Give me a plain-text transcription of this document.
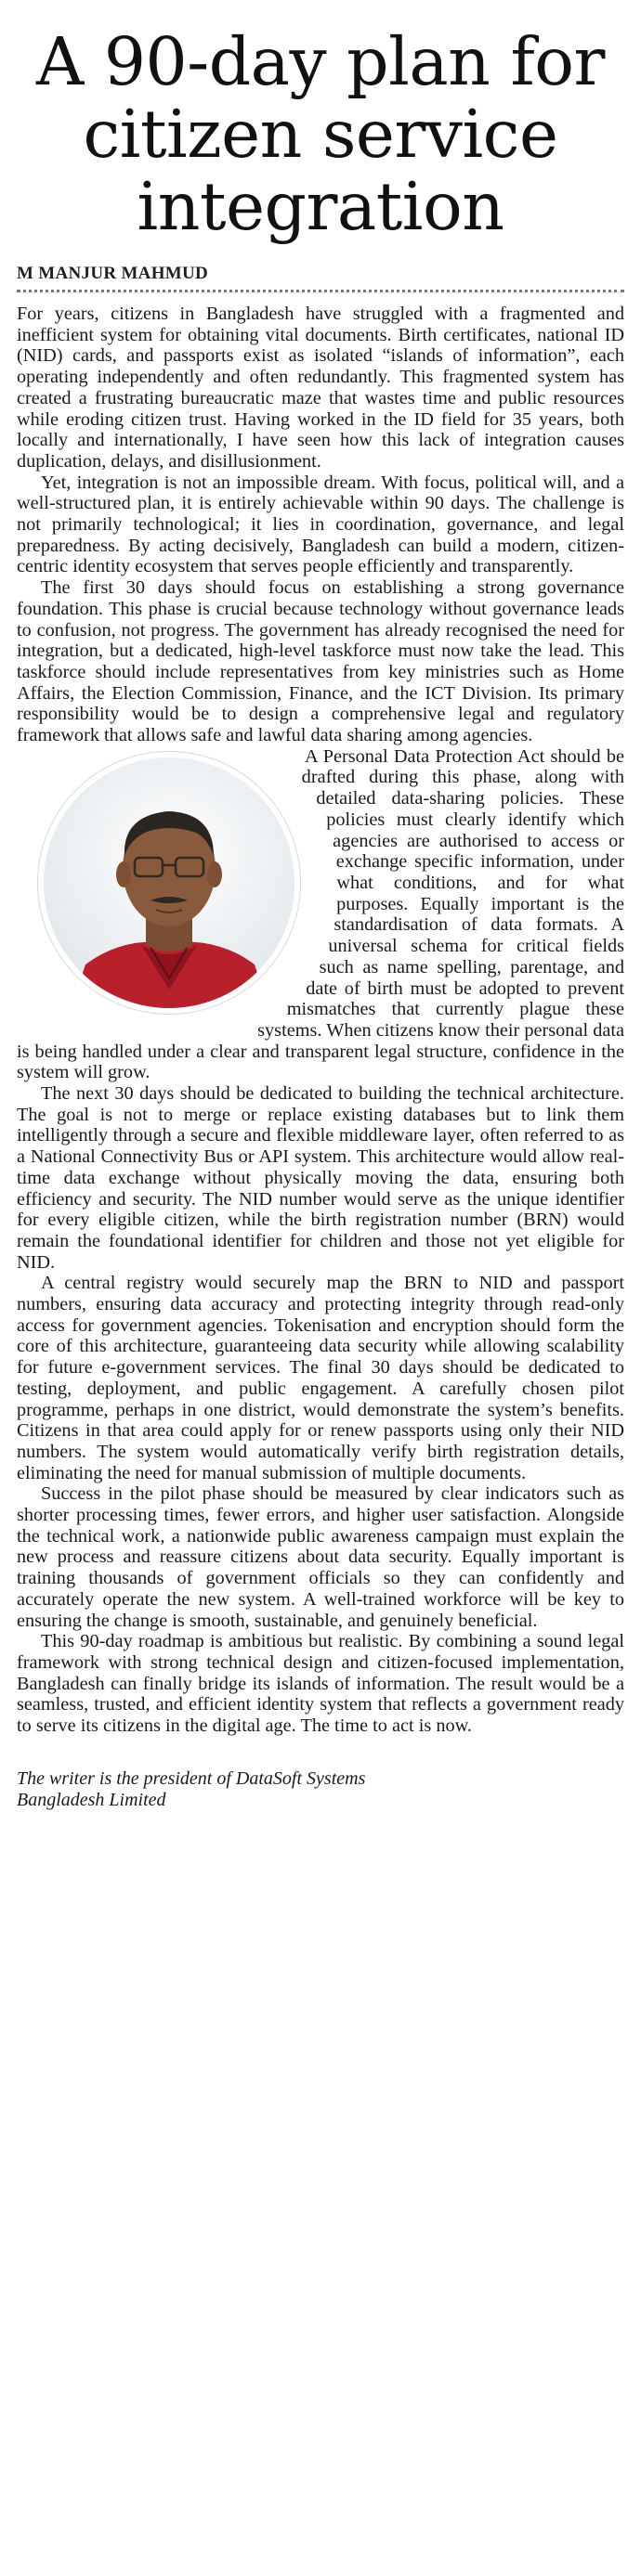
A 90-day plan for
citizen service
integration
M MANJUR MAHMUD

For years, citizens in Bangladesh have struggled with a fragmented and inefficient system for obtaining vital documents. Birth certificates, national ID (NID) cards, and passports exist as isolated “islands of information”, each operating independently and often redundantly. This fragmented system has created a frustrating bureaucratic maze that wastes time and public resources while eroding citizen trust. Having worked in the ID field for 35 years, both locally and internationally, I have seen how this lack of integration causes duplication, delays, and disillusionment.

Yet, integration is not an impossible dream. With focus, political will, and a well-structured plan, it is entirely achievable within 90 days. The challenge is not primarily technological; it lies in coordination, governance, and legal preparedness. By acting decisively, Bangladesh can build a modern, citizen-centric identity ecosystem that serves people efficiently and transparently.

The first 30 days should focus on establishing a strong governance foundation. This phase is crucial because technology without governance leads to confusion, not progress. The government has already recognised the need for integration, but a dedicated, high-level taskforce must now take the lead. This taskforce should include representatives from key ministries such as Home Affairs, the Election Commission, Finance, and the ICT Division. Its primary responsibility would be to design a comprehensive legal and regulatory framework that allows safe and lawful data sharing among agencies.

A Personal Data Protection Act should be drafted during this phase, along with detailed data-sharing policies. These policies must clearly identify which agencies are authorised to access or exchange specific information, under what conditions, and for what purposes. Equally important is the standardisation of data formats. A universal schema for critical fields such as name spelling, parentage, and date of birth must be adopted to prevent mismatches that currently plague these systems. When citizens know their personal data is being handled under a clear and transparent legal structure, confidence in the system will grow.

The next 30 days should be dedicated to building the technical architecture. The goal is not to merge or replace existing databases but to link them intelligently through a secure and flexible middleware layer, often referred to as a National Connectivity Bus or API system. This architecture would allow real-time data exchange without physically moving the data, ensuring both efficiency and security. The NID number would serve as the unique identifier for every eligible citizen, while the birth registration number (BRN) would remain the foundational identifier for children and those not yet eligible for NID.

A central registry would securely map the BRN to NID and passport numbers, ensuring data accuracy and protecting integrity through read-only access for government agencies. Tokenisation and encryption should form the core of this architecture, guaranteeing data security while allowing scalability for future e-government services. The final 30 days should be dedicated to testing, deployment, and public engagement. A carefully chosen pilot programme, perhaps in one district, would demonstrate the system’s benefits. Citizens in that area could apply for or renew passports using only their NID numbers. The system would automatically verify birth registration details, eliminating the need for manual submission of multiple documents.

Success in the pilot phase should be measured by clear indicators such as shorter processing times, fewer errors, and higher user satisfaction. Alongside the technical work, a nationwide public awareness campaign must explain the new process and reassure citizens about data security. Equally important is training thousands of government officials so they can confidently and accurately operate the new system. A well-trained workforce will be key to ensuring the change is smooth, sustainable, and genuinely beneficial.

This 90-day roadmap is ambitious but realistic. By combining a sound legal framework with strong technical design and citizen-focused implementation, Bangladesh can finally bridge its islands of information. The result would be a seamless, trusted, and efficient identity system that reflects a government ready to serve its citizens in the digital age. The time to act is now.

The writer is the president of DataSoft Systems
Bangladesh Limited
